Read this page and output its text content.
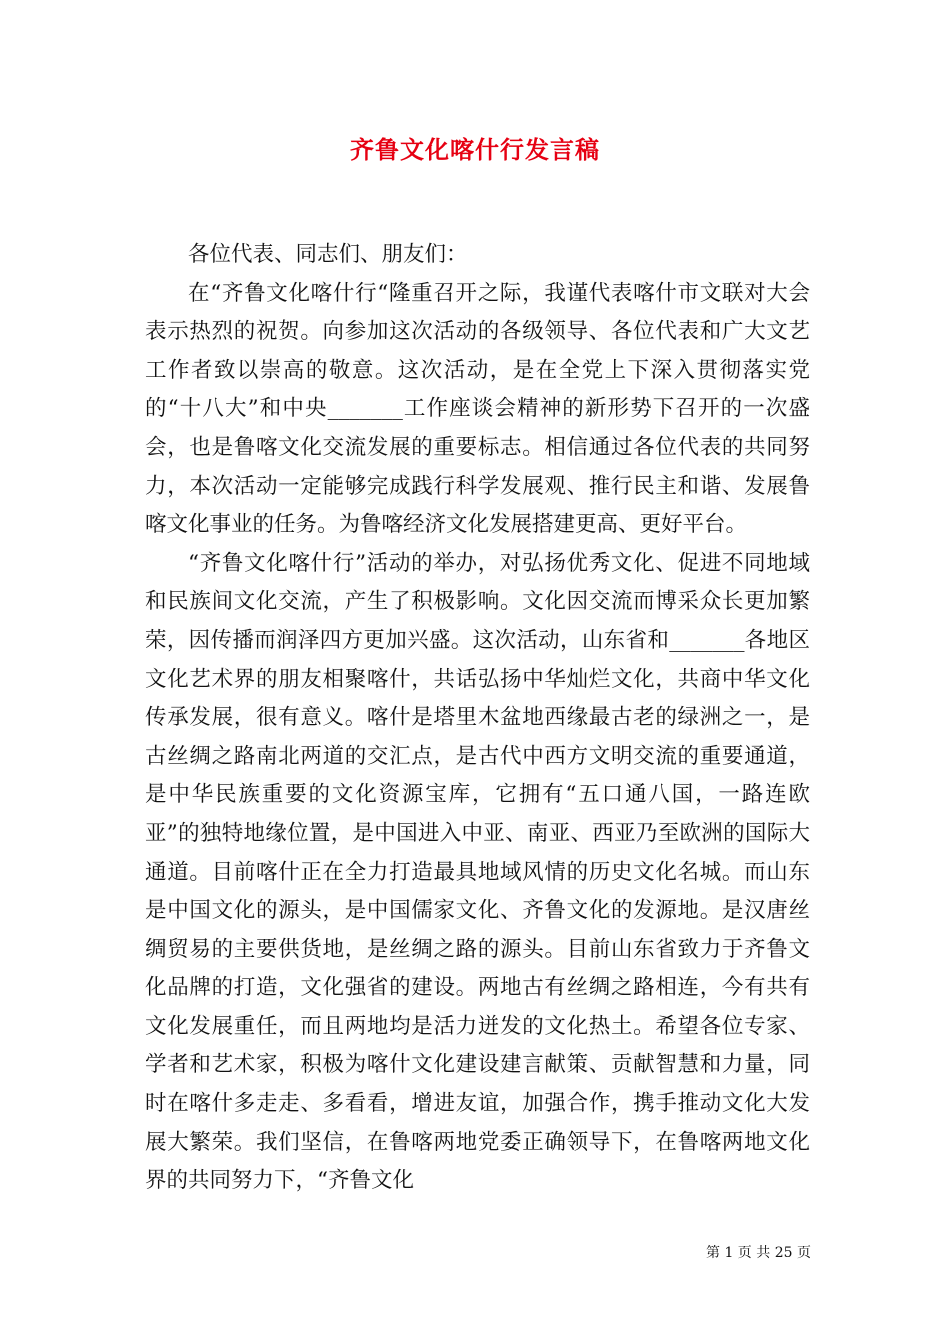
齐鲁文化喀什行发言稿

各位代表、同志们、朋友们：

在“齐鲁文化喀什行“隆重召开之际，我谨代表喀什市文联对大会表示热烈的祝贺。向参加这次活动的各级领导、各位代表和广大文艺工作者致以崇高的敬意。这次活动，是在全党上下深入贯彻落实党的“十八大”和中央_______工作座谈会精神的新形势下召开的一次盛会，也是鲁喀文化交流发展的重要标志。相信通过各位代表的共同努力，本次活动一定能够完成践行科学发展观、推行民主和谐、发展鲁喀文化事业的任务。为鲁喀经济文化发展搭建更高、更好平台。

“齐鲁文化喀什行”活动的举办，对弘扬优秀文化、促进不同地域和民族间文化交流，产生了积极影响。文化因交流而博采众长更加繁荣，因传播而润泽四方更加兴盛。这次活动，山东省和_______各地区文化艺术界的朋友相聚喀什，共话弘扬中华灿烂文化，共商中华文化传承发展，很有意义。喀什是塔里木盆地西缘最古老的绿洲之一，是古丝绸之路南北两道的交汇点，是古代中西方文明交流的重要通道，是中华民族重要的文化资源宝库，它拥有“五口通八国，一路连欧亚”的独特地缘位置，是中国进入中亚、南亚、西亚乃至欧洲的国际大通道。目前喀什正在全力打造最具地域风情的历史文化名城。而山东是中国文化的源头，是中国儒家文化、齐鲁文化的发源地。是汉唐丝绸贸易的主要供货地，是丝绸之路的源头。目前山东省致力于齐鲁文化品牌的打造，文化强省的建设。两地古有丝绸之路相连，今有共有文化发展重任，而且两地均是活力迸发的文化热土。希望各位专家、学者和艺术家，积极为喀什文化建设建言献策、贡献智慧和力量，同时在喀什多走走、多看看，增进友谊，加强合作，携手推动文化大发展大繁荣。我们坚信，在鲁喀两地党委正确领导下，在鲁喀两地文化界的共同努力下，“齐鲁文化

第 1 页 共 25 页
